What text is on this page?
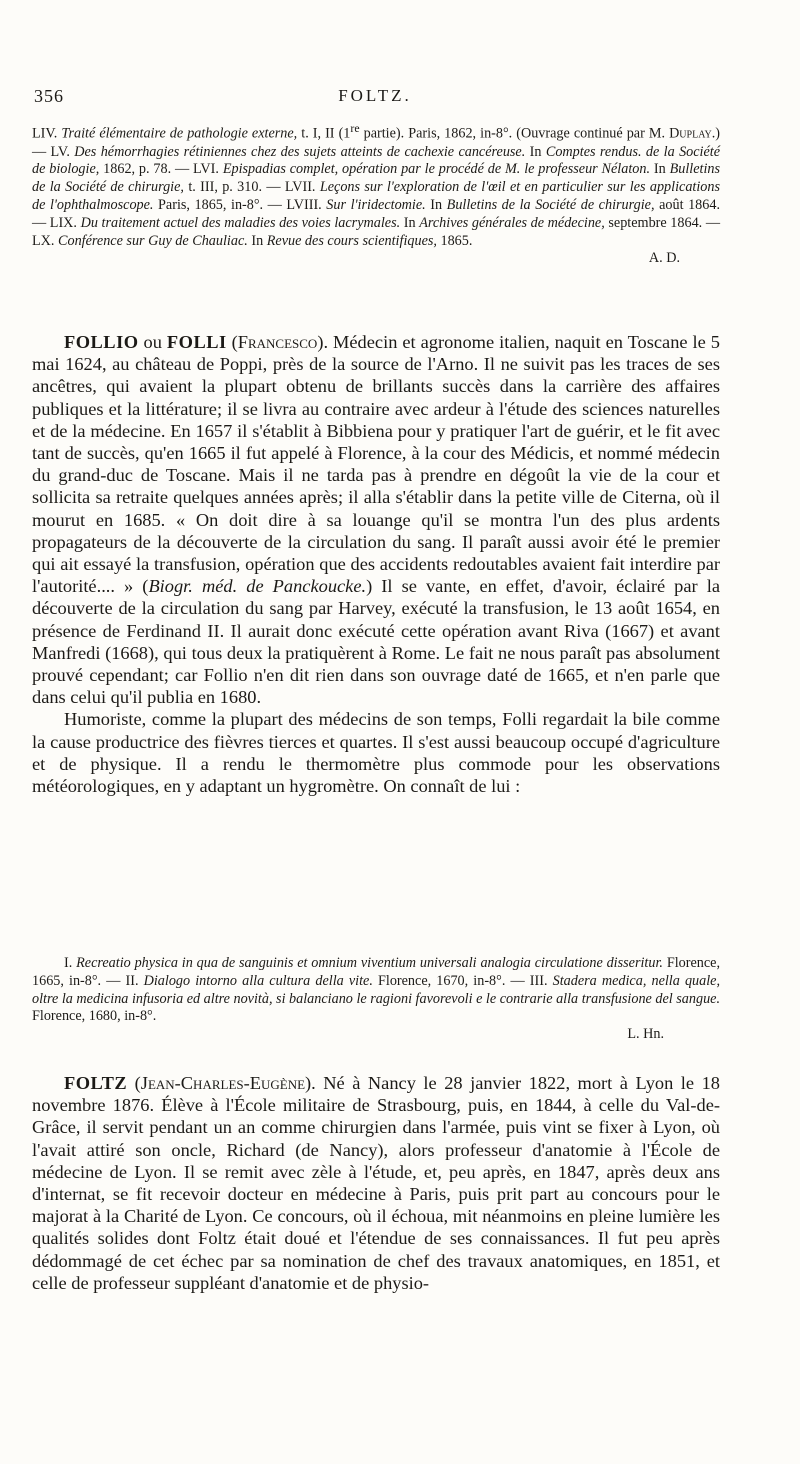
356	FOLTZ.

LIV. Traité élémentaire de pathologie externe, t. I, II (1re partie). Paris, 1862, in-8°. (Ouvrage continué par M. Duplay.) — LV. Des hémorrhagies rétiniennes chez des sujets atteints de cachexie cancéreuse. In Comptes rendus. de la Société de biologie, 1862, p. 78. — LVI. Epispadias complet, opération par le procédé de M. le professeur Nélaton. In Bulletins de la Société de chirurgie, t. III, p. 310. — LVII. Leçons sur l'exploration de l'œil et en particulier sur les applications de l'ophthalmoscope. Paris, 1865, in-8°. — LVIII. Sur l'iridectomie. In Bulletins de la Société de chirurgie, août 1864. — LIX. Du traitement actuel des maladies des voies lacrymales. In Archives générales de médecine, septembre 1864. — LX. Conférence sur Guy de Chauliac. In Revue des cours scientifiques, 1865.

A. D.

FOLLIO ou FOLLI (Francesco). Médecin et agronome italien, naquit en Toscane le 5 mai 1624, au château de Poppi, près de la source de l'Arno. Il ne suivit pas les traces de ses ancêtres, qui avaient la plupart obtenu de brillants succès dans la carrière des affaires publiques et la littérature; il se livra au contraire avec ardeur à l'étude des sciences naturelles et de la médecine. En 1657 il s'établit à Bibbiena pour y pratiquer l'art de guérir, et le fit avec tant de succès, qu'en 1665 il fut appelé à Florence, à la cour des Médicis, et nommé médecin du grand-duc de Toscane. Mais il ne tarda pas à prendre en dégoût la vie de la cour et sollicita sa retraite quelques années après; il alla s'établir dans la petite ville de Citerna, où il mourut en 1685. « On doit dire à sa louange qu'il se montra l'un des plus ardents propagateurs de la découverte de la circulation du sang. Il paraît aussi avoir été le premier qui ait essayé la transfusion, opération que des accidents redoutables avaient fait interdire par l'autorité.... » (Biogr. méd. de Panckoucke.) Il se vante, en effet, d'avoir, éclairé par la découverte de la circulation du sang par Harvey, exécuté la transfusion, le 13 août 1654, en présence de Ferdinand II. Il aurait donc exécuté cette opération avant Riva (1667) et avant Manfredi (1668), qui tous deux la pratiquèrent à Rome. Le fait ne nous paraît pas absolument prouvé cependant; car Follio n'en dit rien dans son ouvrage daté de 1665, et n'en parle que dans celui qu'il publia en 1680.

Humoriste, comme la plupart des médecins de son temps, Folli regardait la bile comme la cause productrice des fièvres tierces et quartes. Il s'est aussi beaucoup occupé d'agriculture et de physique. Il a rendu le thermomètre plus commode pour les observations météorologiques, en y adaptant un hygromètre. On connaît de lui :

I. Recreatio physica in qua de sanguinis et omnium viventium universali analogia circulatione disseritur. Florence, 1665, in-8°. — II. Dialogo intorno alla cultura della vite. Florence, 1670, in-8°. — III. Stadera medica, nella quale, oltre la medicina infusoria ed altre novità, si balanciano le ragioni favorevoli e le contrarie alla transfusione del sangue. Florence, 1680, in-8°.

L. Hn.

FOLTZ (Jean-Charles-Eugène). Né à Nancy le 28 janvier 1822, mort à Lyon le 18 novembre 1876. Élève à l'École militaire de Strasbourg, puis, en 1844, à celle du Val-de-Grâce, il servit pendant un an comme chirurgien dans l'armée, puis vint se fixer à Lyon, où l'avait attiré son oncle, Richard (de Nancy), alors professeur d'anatomie à l'École de médecine de Lyon. Il se remit avec zèle à l'étude, et, peu après, en 1847, après deux ans d'internat, se fit recevoir docteur en médecine à Paris, puis prit part au concours pour le majorat à la Charité de Lyon. Ce concours, où il échoua, mit néanmoins en pleine lumière les qualités solides dont Foltz était doué et l'étendue de ses connaissances. Il fut peu après dédommagé de cet échec par sa nomination de chef des travaux anatomiques, en 1851, et celle de professeur suppléant d'anatomie et de physio-
